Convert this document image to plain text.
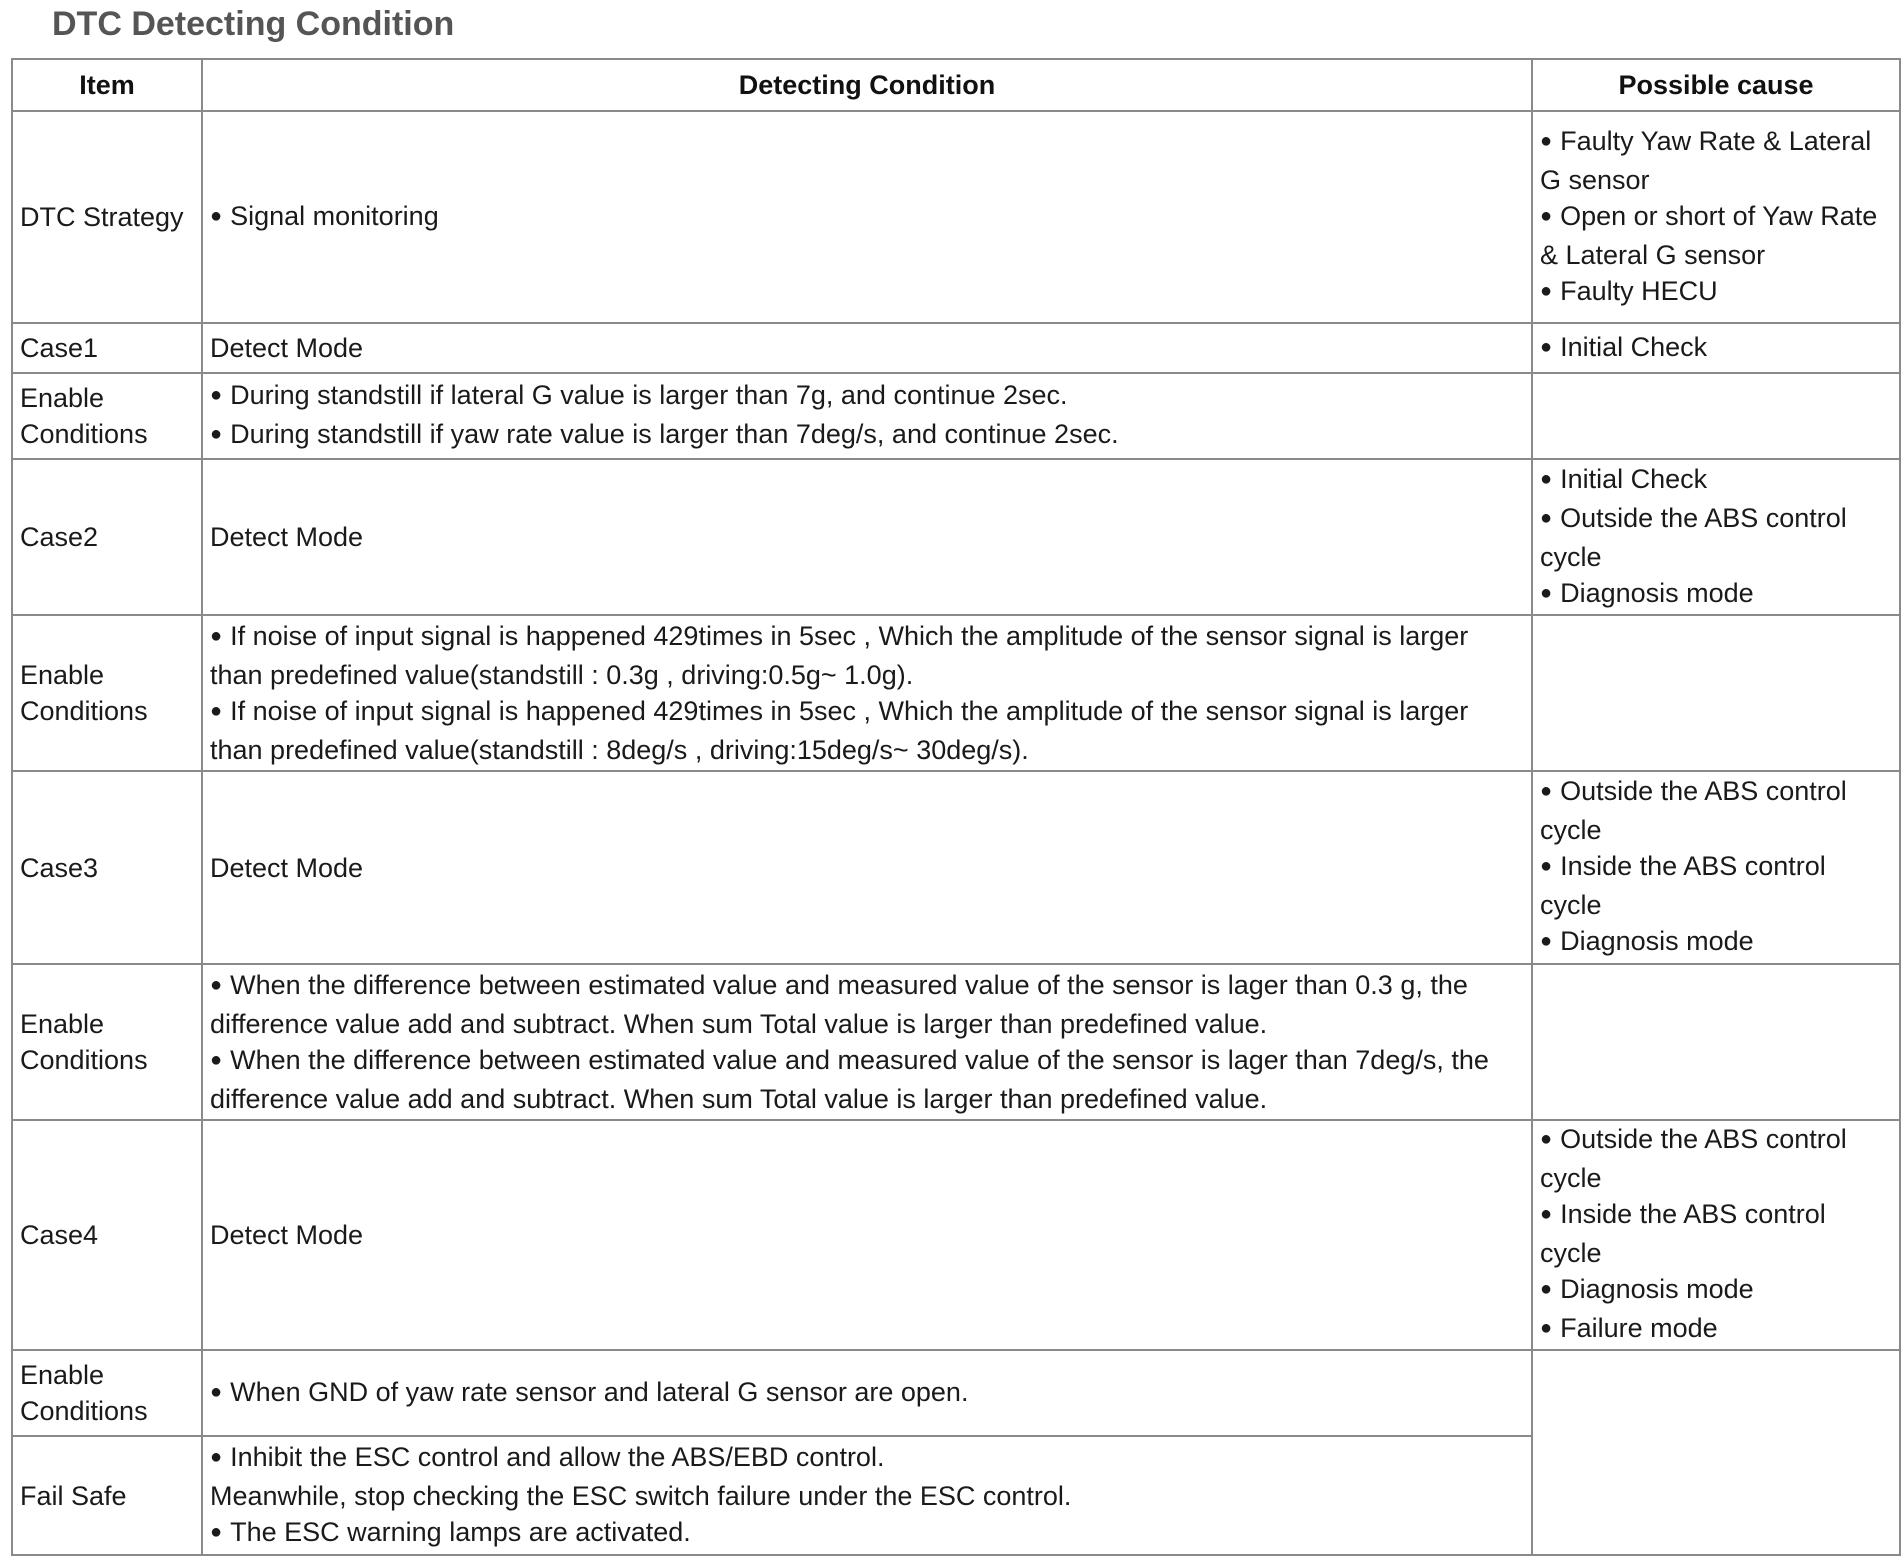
DTC Detecting Condition
Item	Detecting Condition	Possible cause

DTC Strategy	● Signal monitoring	● Faulty Yaw Rate & Lateral G sensor
● Open or short of Yaw Rate & Lateral G sensor
● Faulty HECU

Case1	Detect Mode	● Initial Check

Enable
Conditions	● During standstill if lateral G value is larger than 7g, and continue 2sec.
● During standstill if yaw rate value is larger than 7deg/s, and continue 2sec.

Case2	Detect Mode	● Initial Check
● Outside the ABS control cycle
● Diagnosis mode

Enable
Conditions	● If noise of input signal is happened 429times in 5sec , Which the amplitude of the sensor signal is larger than predefined value(standstill : 0.3g , driving:0.5g~ 1.0g).
● If noise of input signal is happened 429times in 5sec , Which the amplitude of the sensor signal is larger than predefined value(standstill : 8deg/s , driving:15deg/s~ 30deg/s).

Case3	Detect Mode	● Outside the ABS control cycle
● Inside the ABS control cycle
● Diagnosis mode

Enable
Conditions	● When the difference between estimated value and measured value of the sensor is lager than 0.3 g, the difference value add and subtract. When sum Total value is larger than predefined value.
● When the difference between estimated value and measured value of the sensor is lager than 7deg/s, the difference value add and subtract. When sum Total value is larger than predefined value.

Case4	Detect Mode	● Outside the ABS control cycle
● Inside the ABS control cycle
● Diagnosis mode
● Failure mode

Enable
Conditions	● When GND of yaw rate sensor and lateral G sensor are open.

Fail Safe	● Inhibit the ESC control and allow the ABS/EBD control.
Meanwhile, stop checking the ESC switch failure under the ESC control.
● The ESC warning lamps are activated.
